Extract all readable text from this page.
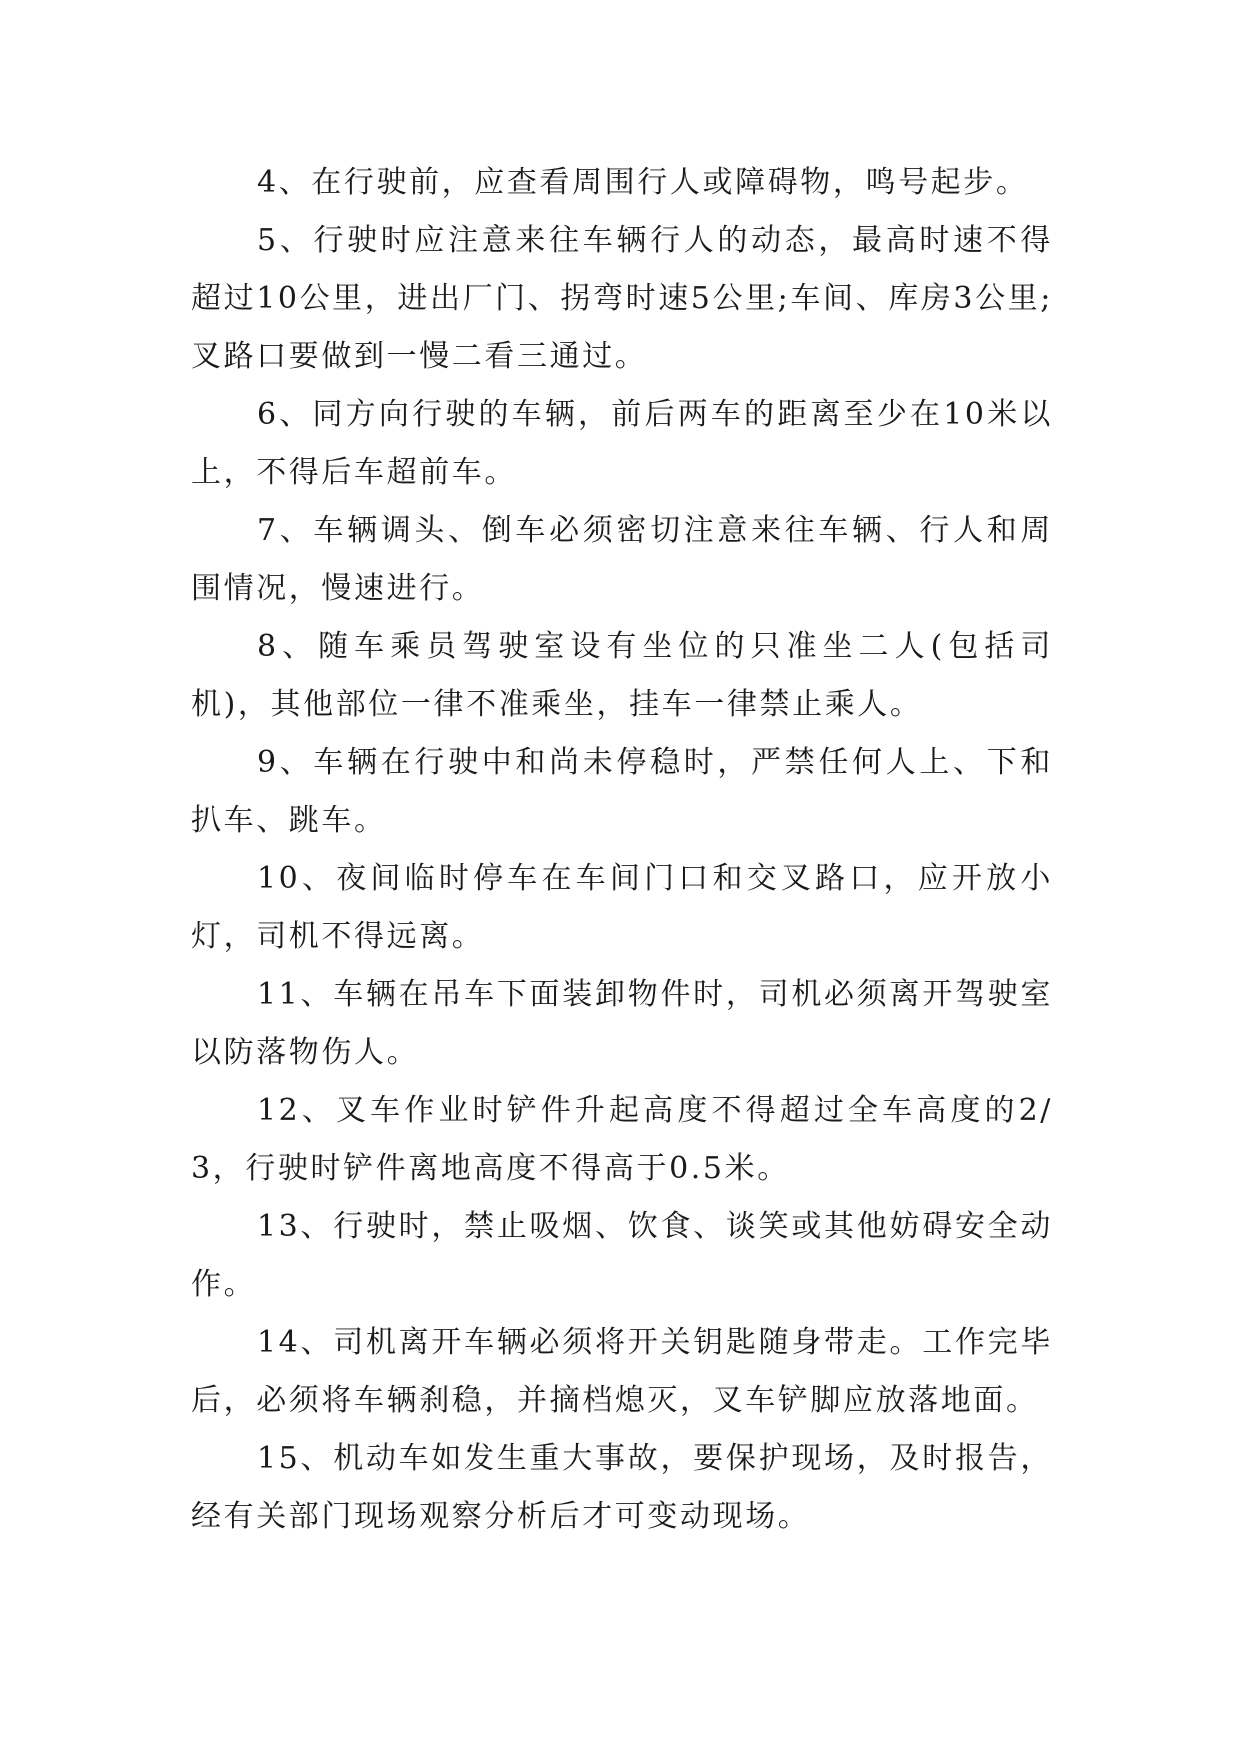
4、在行驶前，应查看周围行人或障碍物，鸣号起步。

5、行驶时应注意来往车辆行人的动态，最高时速不得超过10公里，进出厂门、拐弯时速5公里;车间、库房3公里;叉路口要做到一慢二看三通过。

6、同方向行驶的车辆，前后两车的距离至少在10米以上，不得后车超前车。

7、车辆调头、倒车必须密切注意来往车辆、行人和周围情况，慢速进行。

8、随车乘员驾驶室设有坐位的只准坐二人(包括司机)，其他部位一律不准乘坐，挂车一律禁止乘人。

9、车辆在行驶中和尚未停稳时，严禁任何人上、下和扒车、跳车。

10、夜间临时停车在车间门口和交叉路口，应开放小灯，司机不得远离。

11、车辆在吊车下面装卸物件时，司机必须离开驾驶室以防落物伤人。

12、叉车作业时铲件升起高度不得超过全车高度的2/3，行驶时铲件离地高度不得高于0.5米。

13、行驶时，禁止吸烟、饮食、谈笑或其他妨碍安全动作。

14、司机离开车辆必须将开关钥匙随身带走。工作完毕后，必须将车辆刹稳，并摘档熄灭，叉车铲脚应放落地面。

15、机动车如发生重大事故，要保护现场，及时报告，经有关部门现场观察分析后才可变动现场。
